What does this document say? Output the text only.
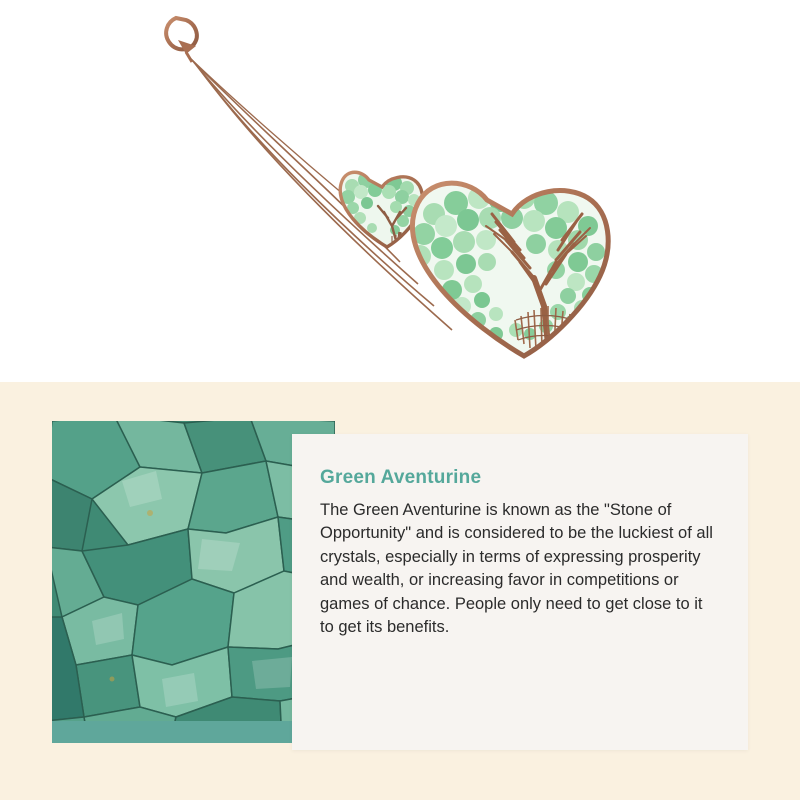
Green Aventurine

The Green Aventurine is known as the "Stone of Opportunity" and is considered to be the luckiest of all crystals, especially in terms of expressing prosperity and wealth, or increasing favor in competitions or games of chance. People only need to get close to it to get its benefits.
